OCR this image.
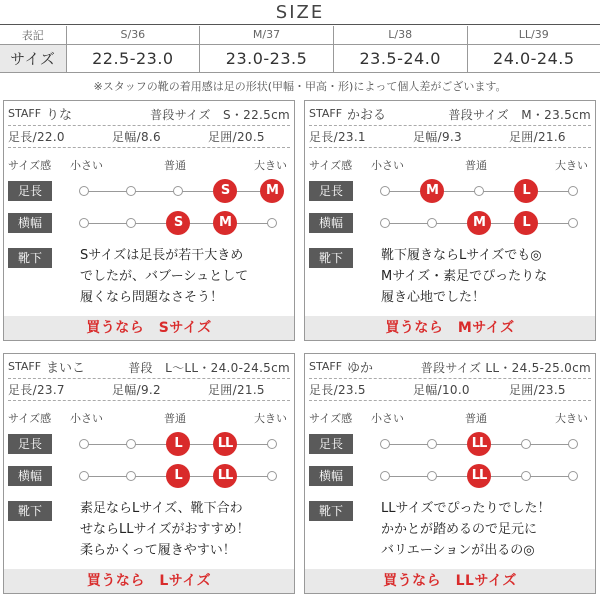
SIZE
表記	S/36	M/37	L/38	LL/39
サイズ	22.5-23.0	23.0-23.5	23.5-24.0	24.0-24.5
※スタッフの靴の着用感は足の形状(甲幅・甲高・形)によって個人差がございます。
STAFF りな	普段サイズ　S・22.5cm
足長/22.0	足幅/8.6	足囲/20.5
サイズ感 小さい	普通	大きい
足長	S	M
横幅	S	M
靴下	Sサイズは足長が若干大きめ
でしたが、バブーシュとして
履くなら問題なさそう！
買うなら　Sサイズ
STAFF かおる	普段サイズ　M・23.5cm
足長/23.1	足幅/9.3	足囲/21.6
サイズ感 小さい	普通	大きい
足長	M	L
横幅	M	L
靴下	靴下履きならLサイズでも◎
Mサイズ・素足でぴったりな
履き心地でした！
買うなら　Mサイズ
STAFF まいこ	普段　L〜LL・24.0-24.5cm
足長/23.7	足幅/9.2	足囲/21.5
サイズ感 小さい	普通	大きい
足長	L	LL
横幅	L	LL
靴下	素足ならLサイズ、靴下合わ
せならLLサイズがおすすめ！
柔らかくって履きやすい！
買うなら　Lサイズ
STAFF ゆか	普段サイズ LL・24.5-25.0cm
足長/23.5	足幅/10.0	足囲/23.5
サイズ感 小さい	普通	大きい
足長	LL
横幅	LL
靴下	LLサイズでぴったりでした！
かかとが踏めるので足元に
バリエーションが出るの◎
買うなら　LLサイズ
